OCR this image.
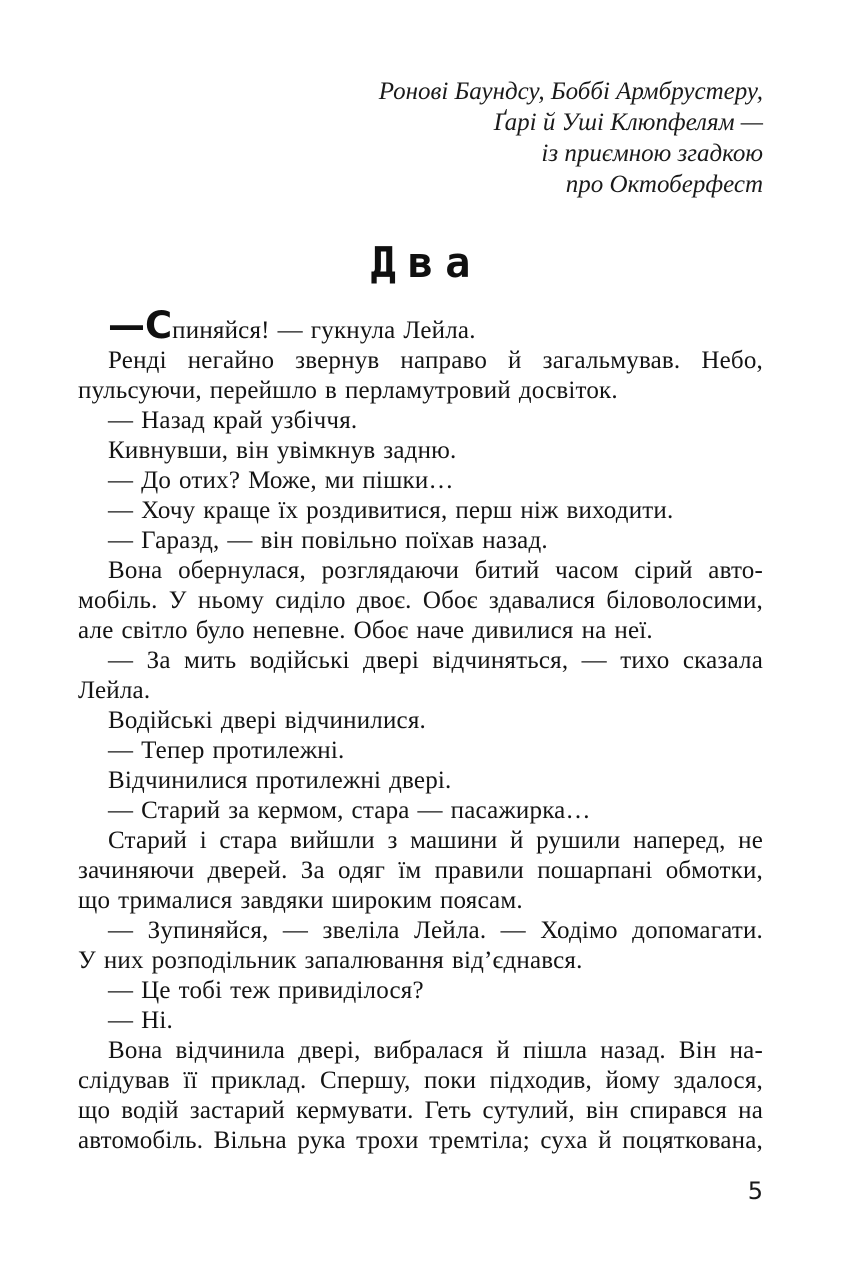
Ронові Баундсу, Боббі Армбрустеру,
Ґарі й Уші Клюпфелям —
із приємною згадкою
про Октоберфест
Два
—Спиняйся! — гукнула Лейла.
Ренді негайно звернув направо й загальмував. Небо,
пульсуючи, перейшло в перламутровий досвіток.
— Назад край узбіччя.
Кивнувши, він увімкнув задню.
— До отих? Може, ми пішки…
— Хочу краще їх роздивитися, перш ніж виходити.
— Гаразд, — він повільно поїхав назад.
Вона обернулася, розглядаючи битий часом сірий авто-
мобіль. У ньому сиділо двоє. Обоє здавалися біловолосими,
але світло було непевне. Обоє наче дивилися на неї.
— За мить водійські двері відчиняться, — тихо сказала
Лейла.
Водійські двері відчинилися.
— Тепер протилежні.
Відчинилися протилежні двері.
— Старий за кермом, стара — пасажирка…
Старий і стара вийшли з машини й рушили наперед, не
зачиняючи дверей. За одяг їм правили пошарпані обмотки,
що трималися завдяки широким поясам.
— Зупиняйся, — звеліла Лейла. — Ходімо допомагати.
У них розподільник запалювання від’єднався.
— Це тобі теж привиділося?
— Ні.
Вона відчинила двері, вибралася й пішла назад. Він на-
слідував її приклад. Спершу, поки підходив, йому здалося,
що водій застарий кермувати. Геть сутулий, він спирався на
автомобіль. Вільна рука трохи тремтіла; суха й поцяткована,
5
